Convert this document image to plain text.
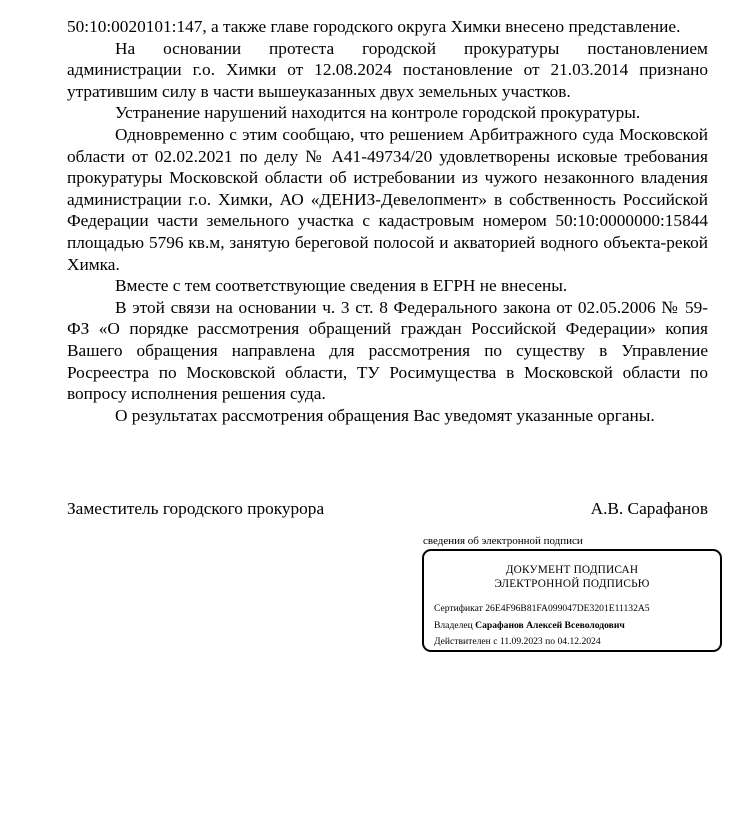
50:10:0020101:147, а также главе городского округа Химки внесено представление.

На основании протеста городской прокуратуры постановлением администрации г.о. Химки от 12.08.2024 постановление от 21.03.2014 признано утратившим силу в части вышеуказанных двух земельных участков.

Устранение нарушений находится на контроле городской прокуратуры.

Одновременно с этим сообщаю, что решением Арбитражного суда Московской области от 02.02.2021 по делу № А41-49734/20 удовлетворены исковые требования прокуратуры Московской области об истребовании из чужого незаконного владения администрации г.о. Химки, АО «ДЕНИЗ-Девелопмент» в собственность Российской Федерации части земельного участка с кадастровым номером 50:10:0000000:15844 площадью 5796 кв.м, занятую береговой полосой и акваторией водного объекта-рекой Химка.

Вместе с тем соответствующие сведения в ЕГРН не внесены.

В этой связи на основании ч. 3 ст. 8 Федерального закона от 02.05.2006 № 59-ФЗ «О порядке рассмотрения обращений граждан Российской Федерации» копия Вашего обращения направлена для рассмотрения по существу в Управление Росреестра по Московской области, ТУ Росимущества в Московской области по вопросу исполнения решения суда.

О результатах рассмотрения обращения Вас уведомят указанные органы.

Заместитель городского прокурора	А.В. Сарафанов
сведения об электронной подписи
ДОКУМЕНТ ПОДПИСАН
ЭЛЕКТРОННОЙ ПОДПИСЬЮ
Сертификат 26E4F96B81FA099047DE3201E11132A5
Владелец Сарафанов Алексей Всеволодович
Действителен с 11.09.2023 по 04.12.2024
